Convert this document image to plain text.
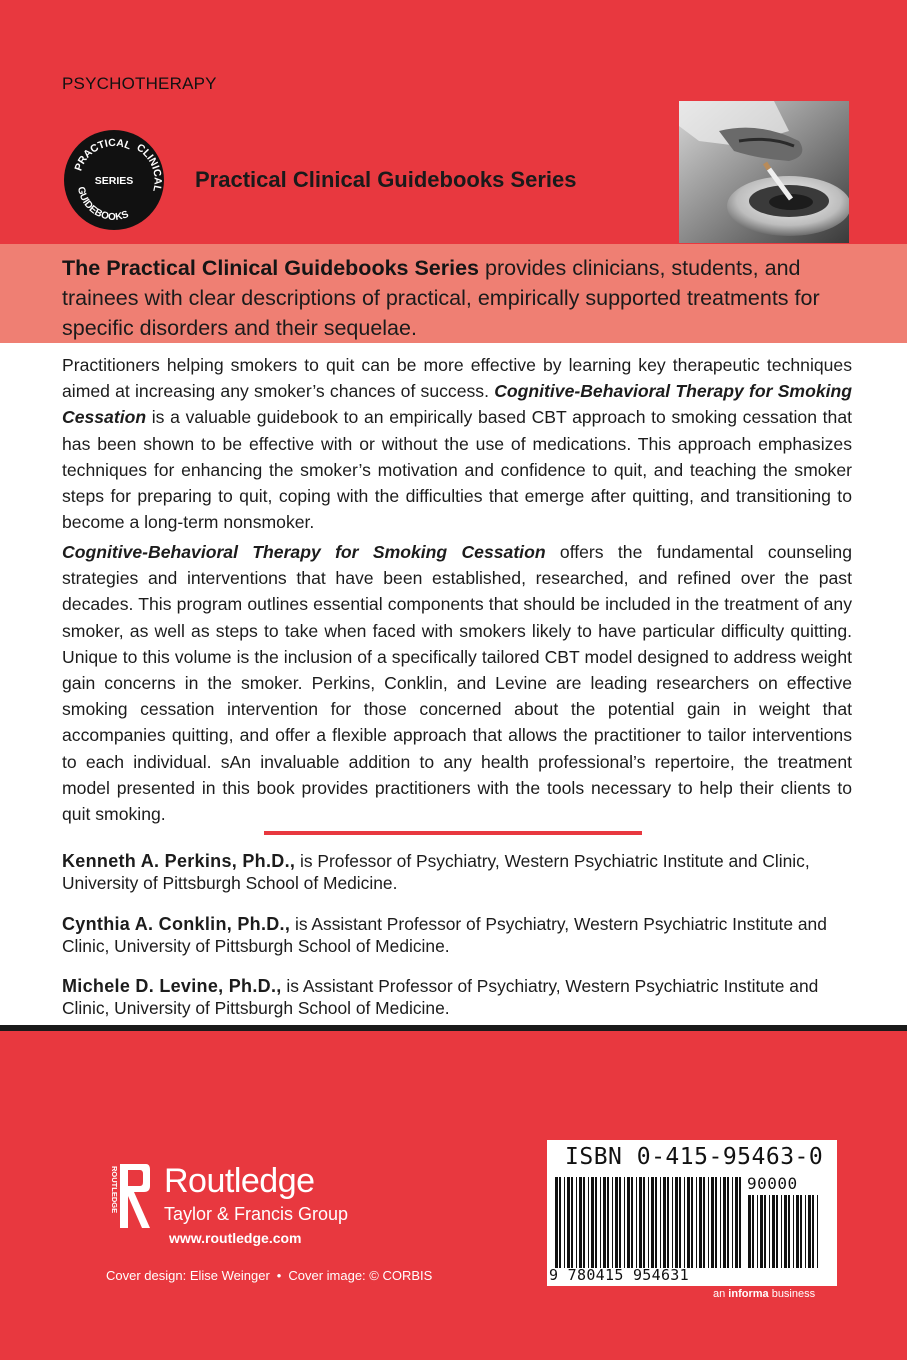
PSYCHOTHERAPY
PRACTICAL CLINICAL
GUIDEBOOKS
SERIES	Practical Clinical Guidebooks Series

The Practical Clinical Guidebooks Series provides clinicians, students, and trainees with clear descriptions of practical, empirically supported treatments for specific disorders and their sequelae.

Practitioners helping smokers to quit can be more effective by learning key therapeutic techniques aimed at increasing any smoker’s chances of success. Cognitive-Behavioral Therapy for Smoking Cessation is a valuable guidebook to an empirically based CBT approach to smoking cessation that has been shown to be effective with or without the use of medications. This approach emphasizes techniques for enhancing the smoker’s motivation and confidence to quit, and teaching the smoker steps for preparing to quit, coping with the difficulties that emerge after quitting, and transitioning to become a long-term nonsmoker.

Cognitive-Behavioral Therapy for Smoking Cessation offers the fundamental counseling strategies and interventions that have been established, researched, and refined over the past decades. This program outlines essential components that should be included in the treatment of any smoker, as well as steps to take when faced with smokers likely to have particular difficulty quitting. Unique to this volume is the inclusion of a specifically tailored CBT model designed to address weight gain concerns in the smoker. Perkins, Conklin, and Levine are leading researchers on effective smoking cessation intervention for those concerned about the potential gain in weight that accompanies quitting, and offer a flexible approach that allows the practitioner to tailor interventions to each individual. sAn invaluable addition to any health professional’s repertoire, the treatment model presented in this book provides practitioners with the tools necessary to help their clients to quit smoking.

Kenneth A. Perkins, Ph.D., is Professor of Psychiatry, Western Psychiatric Institute and Clinic, University of Pittsburgh School of Medicine.

Cynthia A. Conklin, Ph.D., is Assistant Professor of Psychiatry, Western Psychiatric Institute and Clinic, University of Pittsburgh School of Medicine.

Michele D. Levine, Ph.D., is Assistant Professor of Psychiatry, Western Psychiatric Institute and Clinic, University of Pittsburgh School of Medicine.

ROUTLEDGE Routledge
Taylor & Francis Group
www.routledge.com
Cover design: Elise Weinger • Cover image: © CORBIS
ISBN 0-415-95463-0
90000
9 780415 954631
an informa business
